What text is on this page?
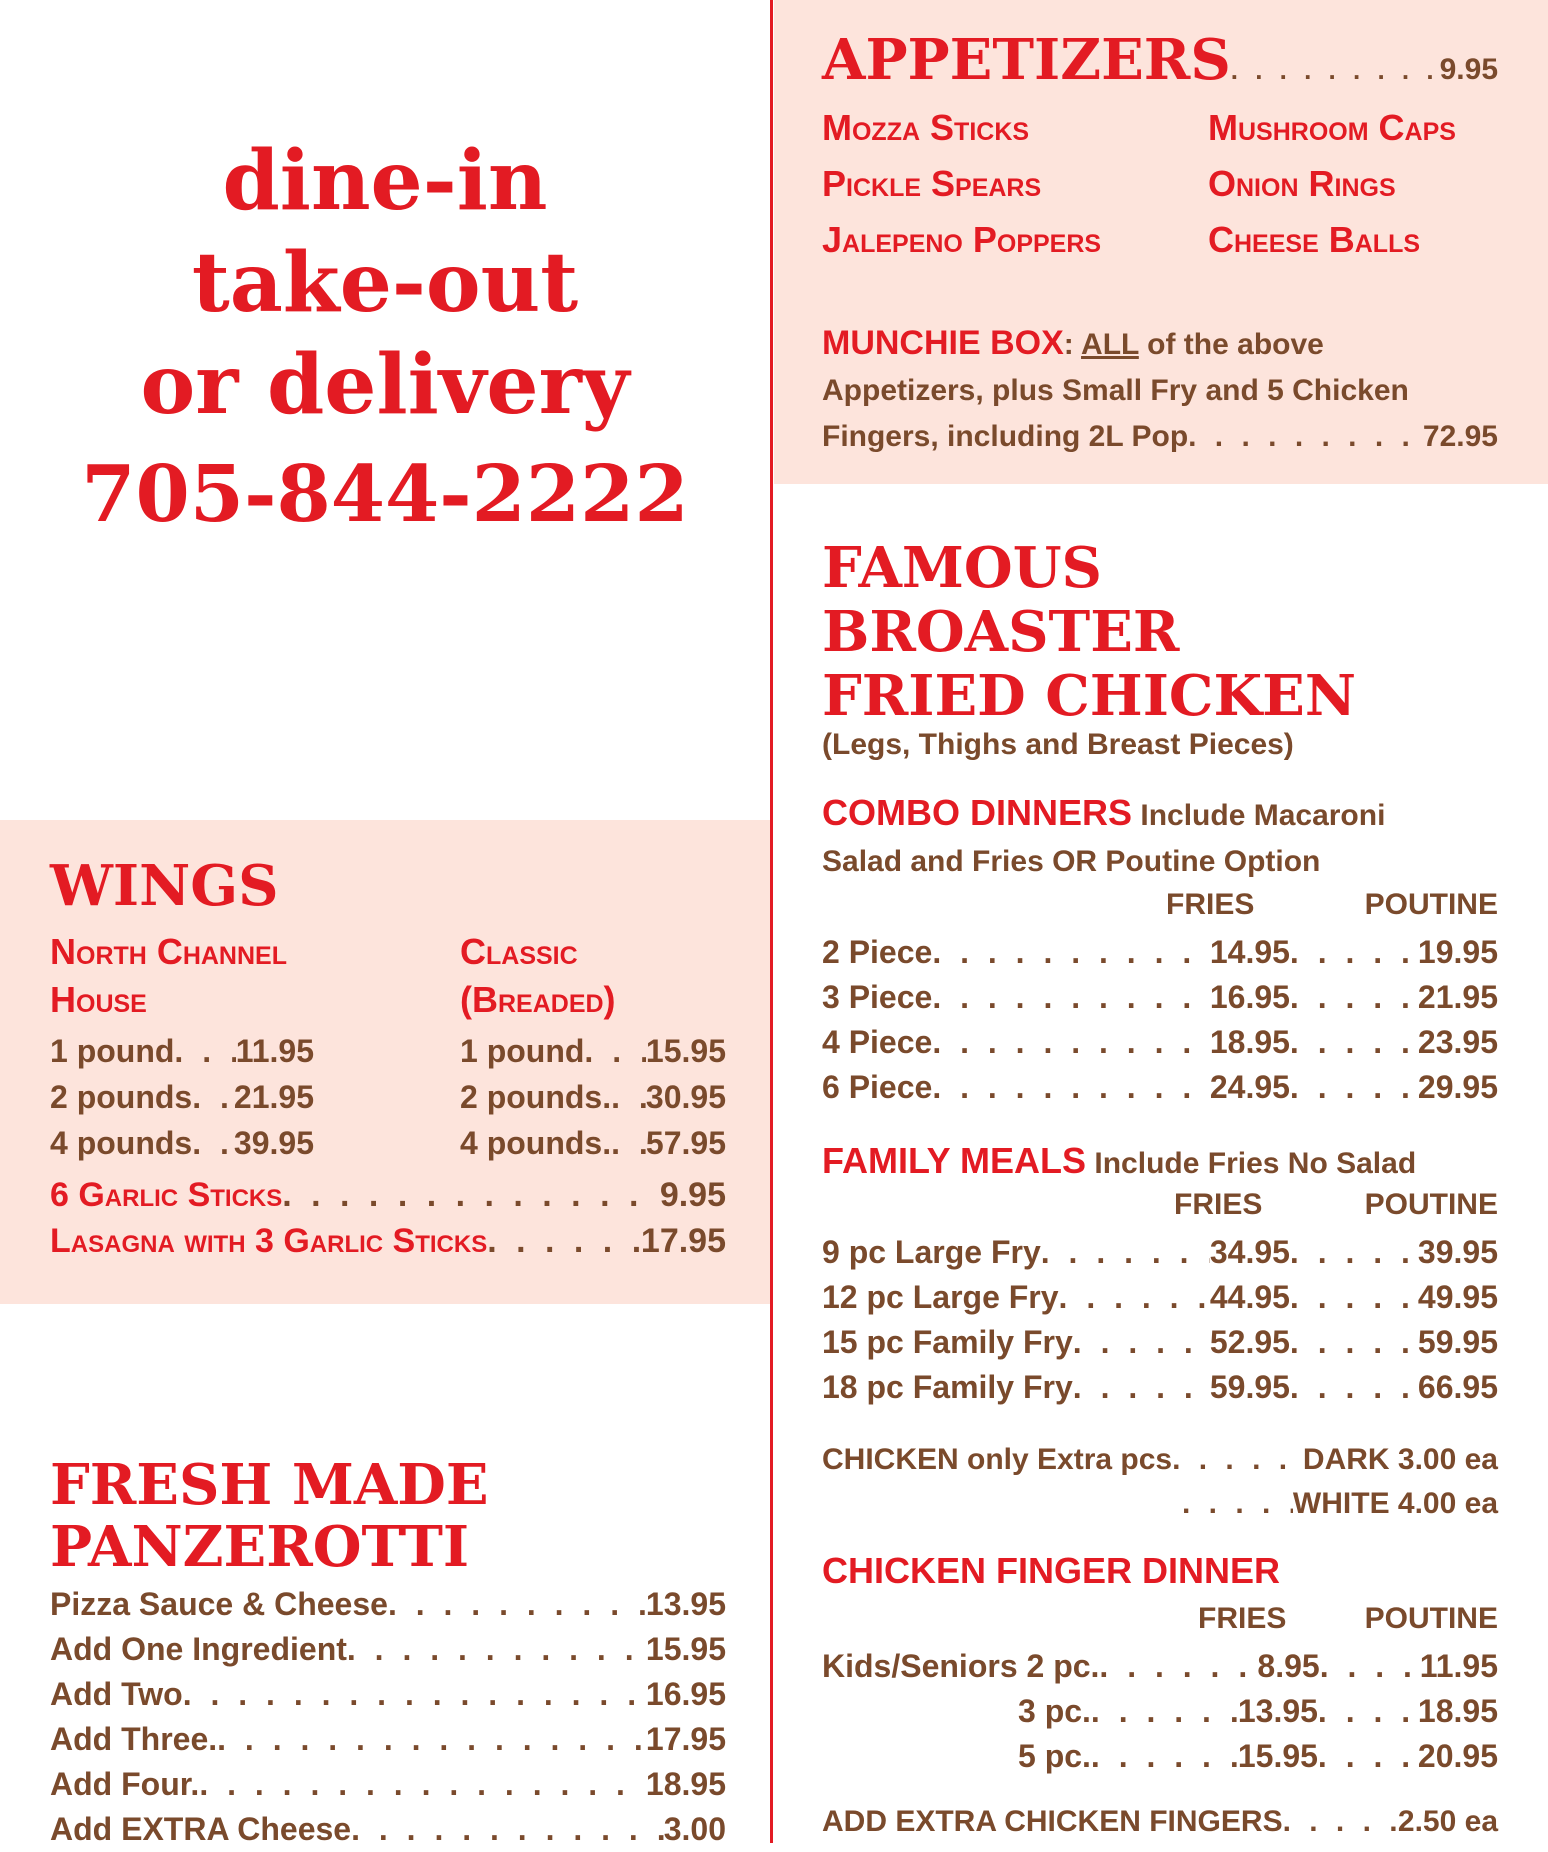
dine-in
take-out
or delivery
705-844-2222
APPETIZERS . . .	9.95
Mozza Sticks
Pickle Spears
Jalepeno Poppers
Mushroom Caps
Onion Rings
Cheese Balls
MUNCHIE BOX: ALL of the above
Appetizers, plus Small Fry and 5 Chicken
Fingers, including 2L Pop . . .	72.95
WINGS
North Channel
House
Classic
(Breaded)
1 pound . . . 11.95
2 pounds . . . 21.95
4 pounds . . . 39.95
1 pound . . . 15.95
2 pounds. . . . 30.95
4 pounds. . . . 57.95
6 Garlic Sticks . . .	9.95
Lasagna with 3 Garlic Sticks . . .	17.95
FRESH MADE
PANZEROTTI
Pizza Sauce & Cheese . . .	13.95
Add One Ingredient . . .	15.95
Add Two . . .	16.95
Add Three. . . .	17.95
Add Four. . . .	18.95
Add EXTRA Cheese . . .	3.00
FAMOUS
BROASTER
FRIED CHICKEN
(Legs, Thighs and Breast Pieces)
COMBO DINNERS Include Macaroni
Salad and Fries OR Poutine Option
FRIES	POUTINE
2 Piece . . .	14.95 . . .	19.95
3 Piece . . .	16.95 . . .	21.95
4 Piece . . .	18.95 . . .	23.95
6 Piece . . .	24.95 . . .	29.95
FAMILY MEALS Include Fries No Salad
FRIES	POUTINE
9 pc Large Fry . . .	34.95 . . .	39.95
12 pc Large Fry . . .	44.95 . . .	49.95
15 pc Family Fry . . .	52.95 . . .	59.95
18 pc Family Fry . . .	59.95 . . .	66.95
CHICKEN only Extra pcs . . .	DARK 3.00 ea
. . .
WHITE 4.00 ea
CHICKEN FINGER DINNER
FRIES	POUTINE
Kids/Seniors 2 pc. . . .	8.95 . . .	11.95
3 pc. . . .	13.95 . . .	18.95
5 pc. . . .	15.95 . . .	20.95
ADD EXTRA CHICKEN FINGERS . . .	2.50 ea
